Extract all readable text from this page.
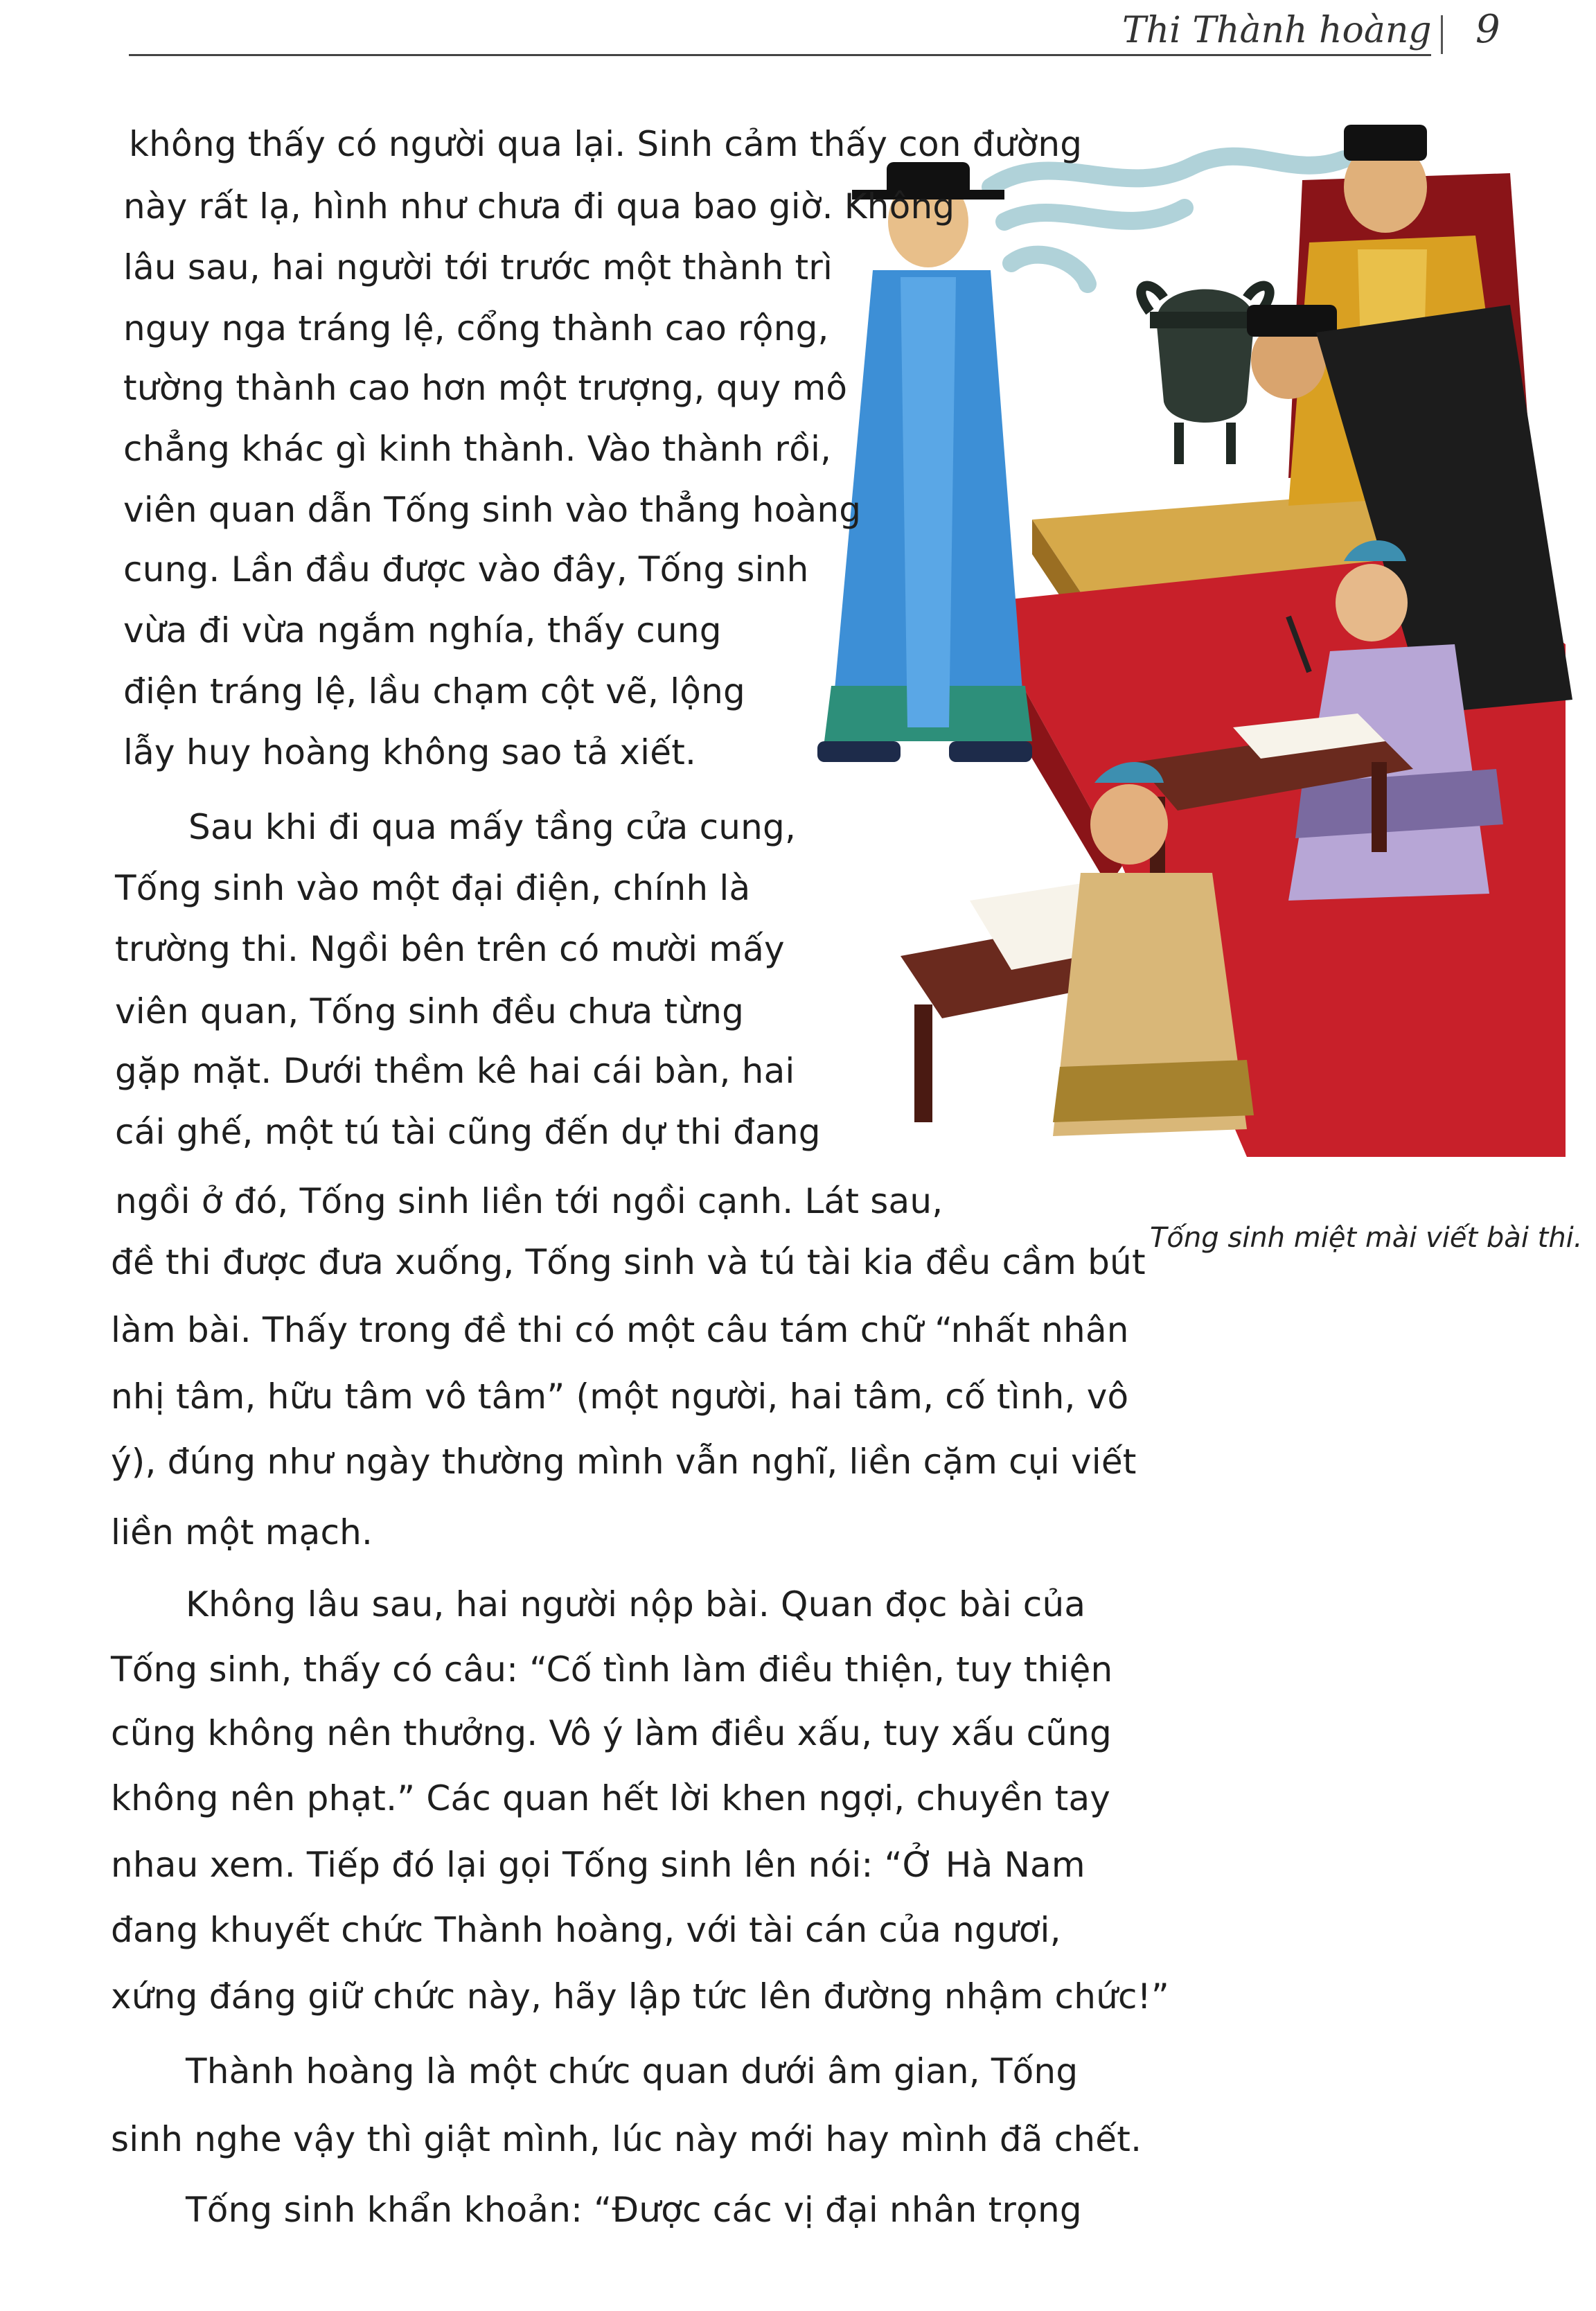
Thi Thành hoàng 9
Tống sinh miệt mài viết bài thi.
không thấy có người qua lại. Sinh cảm thấy con đường
này rất lạ, hình như chưa đi qua bao giờ. Không
lâu sau, hai người tới trước một thành trì
nguy nga tráng lệ, cổng thành cao rộng,
tường thành cao hơn một trượng, quy mô
chẳng khác gì kinh thành. Vào thành rồi,
viên quan dẫn Tống sinh vào thẳng hoàng
cung. Lần đầu được vào đây, Tống sinh
vừa đi vừa ngắm nghía, thấy cung
điện tráng lệ, lầu chạm cột vẽ, lộng
lẫy huy hoàng không sao tả xiết.
Sau khi đi qua mấy tầng cửa cung,
Tống sinh vào một đại điện, chính là
trường thi. Ngồi bên trên có mười mấy
viên quan, Tống sinh đều chưa từng
gặp mặt. Dưới thềm kê hai cái bàn, hai
cái ghế, một tú tài cũng đến dự thi đang
ngồi ở đó, Tống sinh liền tới ngồi cạnh. Lát sau,
đề thi được đưa xuống, Tống sinh và tú tài kia đều cầm bút
làm bài. Thấy trong đề thi có một câu tám chữ “nhất nhân
nhị tâm, hữu tâm vô tâm” (một người, hai tâm, cố tình, vô
ý), đúng như ngày thường mình vẫn nghĩ, liền cặm cụi viết
liền một mạch.
Không lâu sau, hai người nộp bài. Quan đọc bài của
Tống sinh, thấy có câu: “Cố tình làm điều thiện, tuy thiện
cũng không nên thưởng. Vô ý làm điều xấu, tuy xấu cũng
không nên phạt.” Các quan hết lời khen ngợi, chuyền tay
nhau xem. Tiếp đó lại gọi Tống sinh lên nói: “Ở Hà Nam
đang khuyết chức Thành hoàng, với tài cán của ngươi,
xứng đáng giữ chức này, hãy lập tức lên đường nhậm chức!”
Thành hoàng là một chức quan dưới âm gian, Tống
sinh nghe vậy thì giật mình, lúc này mới hay mình đã chết.
Tống sinh khẩn khoản: “Được các vị đại nhân trọng
